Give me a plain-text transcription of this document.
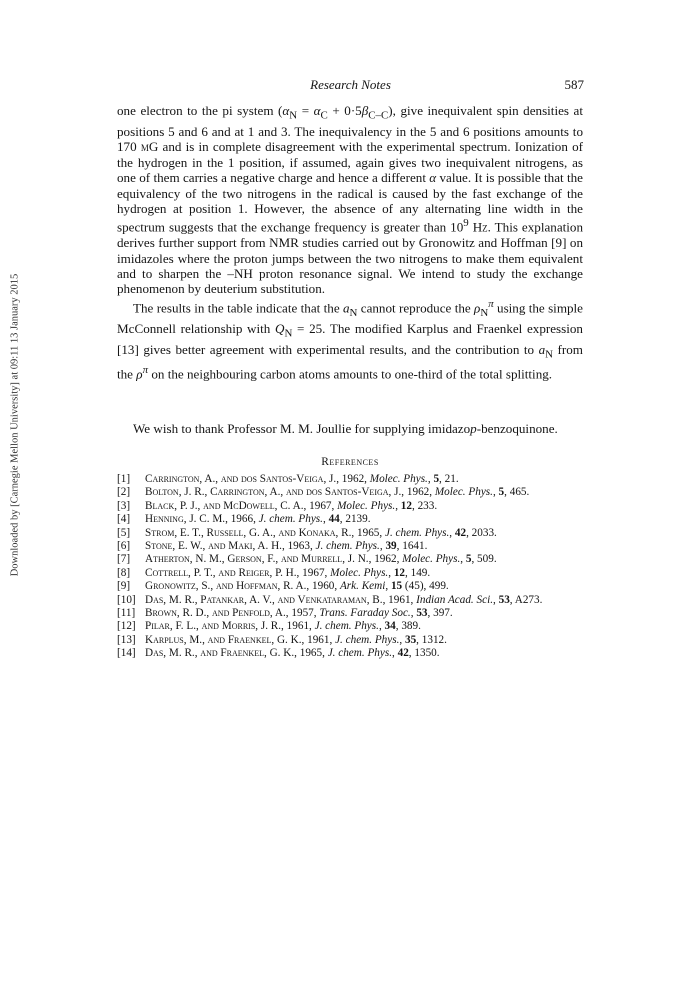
Downloaded by [Carnegie Mellon University] at 09:11 13 January 2015
Research Notes	587

one electron to the pi system $(\alpha_N = \alpha_C + 0\cdot 5\beta_{C-C})$, give inequivalent spin densities at positions 5 and 6 and at 1 and 3. The inequivalency in the 5 and 6 positions amounts to 170 mG and is in complete disagreement with the experimental spectrum. Ionization of the hydrogen in the 1 position, if assumed, again gives two inequivalent nitrogens, as one of them carries a negative charge and hence a different α value. It is possible that the equivalency of the two nitrogens in the radical is caused by the fast exchange of the hydrogen at position 1. However, the absence of any alternating line width in the spectrum suggests that the exchange frequency is greater than $10^9$ Hz. This explanation derives further support from NMR studies carried out by Gronowitz and Hoffman [9] on imidazoles where the proton jumps between the two nitrogens to make them equivalent and to sharpen the –NH proton resonance signal. We intend to study the exchange phenomenon by deuterium substitution.

The results in the table indicate that the $a_N$ cannot reproduce the $\rho_N^\pi$ using the simple McConnell relationship with $Q_N = 25$. The modified Karplus and Fraenkel expression [13] gives better agreement with experimental results, and the contribution to $a_N$ from the $\rho^\pi$ on the neighbouring carbon atoms amounts to one-third of the total splitting.

We wish to thank Professor M. M. Joullie for supplying imidazop-benzoquinone.
References
[1] Carrington, A., and dos Santos-Veiga, J., 1962, Molec. Phys., 5, 21.
[2] Bolton, J. R., Carrington, A., and dos Santos-Veiga, J., 1962, Molec. Phys., 5, 465.
[3] Black, P. J., and McDowell, C. A., 1967, Molec. Phys., 12, 233.
[4] Henning, J. C. M., 1966, J. chem. Phys., 44, 2139.
[5] Strom, E. T., Russell, G. A., and Konaka, R., 1965, J. chem. Phys., 42, 2033.
[6] Stone, E. W., and Maki, A. H., 1963, J. chem. Phys., 39, 1641.
[7] Atherton, N. M., Gerson, F., and Murrell, J. N., 1962, Molec. Phys., 5, 509.
[8] Cottrell, P. T., and Reiger, P. H., 1967, Molec. Phys., 12, 149.
[9] Gronowitz, S., and Hoffman, R. A., 1960, Ark. Kemi, 15 (45), 499.
[10] Das, M. R., Patankar, A. V., and Venkataraman, B., 1961, Indian Acad. Sci., 53, A273.
[11] Brown, R. D., and Penfold, A., 1957, Trans. Faraday Soc., 53, 397.
[12] Pilar, F. L., and Morris, J. R., 1961, J. chem. Phys., 34, 389.
[13] Karplus, M., and Fraenkel, G. K., 1961, J. chem. Phys., 35, 1312.
[14] Das, M. R., and Fraenkel, G. K., 1965, J. chem. Phys., 42, 1350.
